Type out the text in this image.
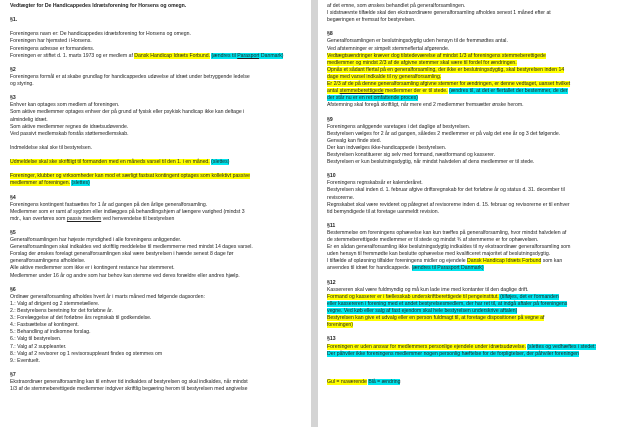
Vedtægter for De Handicappedes Idrætsforening for Horsens og omegn.
§1.
Foreningens navn er: De handicappedes idrætsforening for Horsens og omegn.
Foreningen har hjemsted i Horsens.
Foreningens adresse er formandens.
Foreningen er stiftet d. 1. marts 1973 og er medlem af Dansk Handicap Idræts Forbund. (ændres til Parasport Danmark)
§2
Foreningens formål er at skabe grundlag for handicappedes udøvelse af idræt under betryggende ledelse
og styring.
§3
Enhver kan optages som medlem af foreningen.
Som aktive medlemmer optages enhver der på grund af fysisk eller psykisk handicap ikke kan deltage i
almindelig idræt.
Som aktive medlemmer regnes de idrætsudøvende.
Ved passivt medlemskab forstås støttemedlemskab.
Indmeldelse skal ske til bestyrelsen.
Udmeldelse skal ske skriftligt til formanden med en måneds varsel til den 1. i en måned. (slettes)
Foreninger, klubber og virksomheder kan mod et særligt fastsat kontingent optages som kollektivt passive
medlemmer af foreningen. (slettes)
§4
Foreningens kontingent fastsættes for 1 år ad gangen på den årlige generalforsamling.
Medlemmer som er ramt af sygdom eller indlægges på behandlingshjem af længere varighed (mindst 3
mdr., kan overføres som passiv medlem ved henvendelse til bestyrelsen
§5
Generalforsamlingen har højeste myndighed i alle foreningens anliggender.
Generalforsamlingen skal indkaldes ved skriftlig meddelelse til medlemmerne med mindst 14 dages varsel.
Forslag der ønskes forelagt generalforsamlingen skal være bestyrelsen i hænde senest 8 dage før
generalforsamlingens afholdelse.
Alle aktive medlemmer som ikke er i kontingent restance har stemmeret.
Medlemmer under 16 år og andre som har behov kan stemme ved deres forældre eller andres hjælp.
§6
Ordinær generalforsamling afholdes hvert år i marts måned med følgende dagsorden:
1.: Valg af dirigent og 2 stemmetællere.
2.: Bestyrelsens beretning for det forløbne år.
3.: Forelæggelse af det forløbne års regnskab til godkendelse.
4.: Fastsættelse af kontingent.
5.: Behandling af indkomne forslag.
6.: Valg til bestyrelsen.
7.: Valg af 2 suppleanter.
8.: Valg af 2 revisorer og 1 revisorsuppleant findes og stemmes om
9.: Eventuelt.
§7
Ekstraordinær generalforsamling kan til enhver tid indkaldes af bestyrelsen og skal indkaldes, når mindst
1/3 af de stemmeberettigede medlemmer indgiver skriftlig begæring herom til bestyrelsen med angivelse
af det emne, som ønskes behandlet på generalforsamlingen.
I sidstnævnte tilfælde skal den ekstraordinære generalforsamling afholdes senest 1 måned efter at
begæringen er fremsat for bestyrelsen.
§8
Generalforsamlingen er beslutningsdygtig uden hensyn til de fremmødtes antal.
Ved afstemninger er simpelt stemmeflertal afgørende.
Vedtægtsændringer kræver dog tilstedeværelse af mindst 1/3 af foreningens stemmeberettigede
medlemmer og mindst 2/3 af de afgivne stemmer skal være til fordel for ændringen.
Opnås et sådant flertal på en generalforsamling, der ikke er beslutningsdygtig, skal bestyrelsen inden 14
dage med varsel indkalde til ny generalforsamling.
Er 2/3 af de på denne generalforsamling afgivne stemmer for ændringen, er denne vedtaget, uanset hvilket
antal stemmeberettigede medlemmer der er til stede. (ændres til, at det er flertallet der bestemmer, de der
der står nu er en ret omfattende proces)
Afstemning skal foregå skriftligt, når mere end 2 medlemmer fremsætter ønske herom.
§9
Foreningens anliggende varetages i det daglige af bestyrelsen.
Bestyrelsen vælges for 2 år ad gangen, således 2 medlemmer er på valg det ene år og 3 det følgende.
Genvalg kan finde sted.
Der kan indvælges ikke-handicappede i bestyrelsen.
Bestyrelsen konstituerer sig selv med formand, næstformand og kasserer.
Bestyrelsen er kun beslutningsdygtig, når mindst halvdelen af dens medlemmer er til stede.
§10
Foreningens regnskabsår er kalenderåret.
Bestyrelsen skal inden d. 1. februar afgive driftsregnskab for det forløbne år og status d. 31. december til
revisorerne.
Regnskabet skal være revideret og påtegnet af revisorerne inden d. 15. februar og revisorerne er til enhver
tid bemyndigede til at foretage uanmeldt revision.
§11
Bestemmelse om foreningens ophævelse kan kun træffes på generalforsamling, hvor mindst halvdelen af
de stemmeberettigede medlemmer er til stede og mindst ¾ af stemmerne er for ophævelsen.
Er en sådan generalforsamling ikke beslutningsdygtig indkaldes til ny ekstraordinær generalforsamling som
uden hensyn til fremmødte kan beslutte ophævelse med kvalificeret majoritet af beslutningsdygtig.
I tilfælde af opløsning tilfalder foreningens midler og ejendele Dansk Handicap Idræts Forbund som kan
anvendes til idræt for handicappede. (ændres til Parasport Danmark)
§12
Kassereren skal være fuldmyndig og må kun lade ime med kontanter til den daglige drift.
Formand og kasserer er i fællesskab underskriftberettigede til pengeinstitut. (tilføjes, det er formanden
eller kassereren i forening med et andet bestyrelsesmedlem, der har ret til, at indgå aftaler på foreningens
vegne. Ved køb eller salg af fast ejendom skal hele bestyrelsen underskrive aftalen)
Bestyrelsen kan give et udvalg eller en person fuldmagt til, at foretage dispositioner på vegne af
foreningen)
§13
Foreningen er uden ansvar for medlemmers personlige ejendele under idrætsudøvelse. (slettes og vedhæftes i stedet:
Der påhviler ikke foreningens medlemmer nogen personlig hæftelse for de forpligtelser, der påhviler foreningen
Gul = nuværende Blå = ændring
